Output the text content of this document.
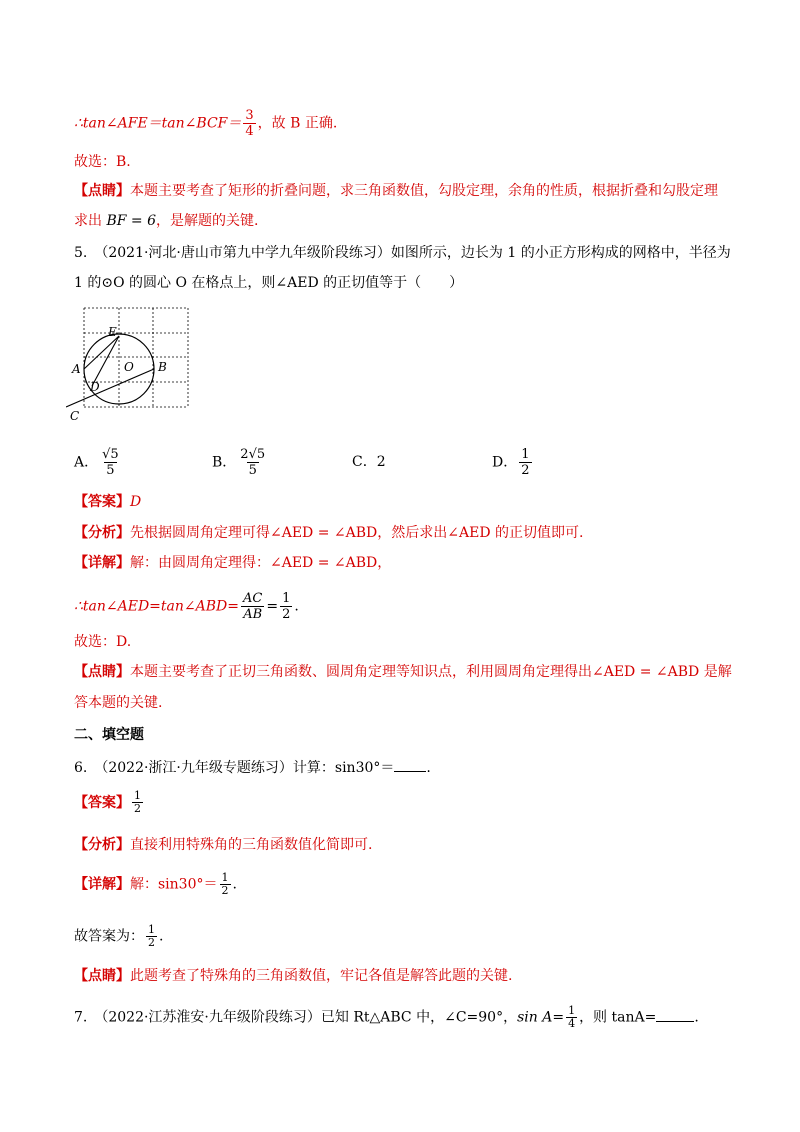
∴tan∠AFE＝tan∠BCF＝ $\frac{3}{4}$ ，故 B 正确.
故选：B.
【点睛】本题主要考查了矩形的折叠问题，求三角函数值，勾股定理，余角的性质，根据折叠和勾股定理
求出 BF = 6，是解题的关键.
5.　（2021·河北·唐山市第九中学九年级阶段练习）如图所示，边长为 1 的小正方形构成的网格中，半径为
1 的⊙O 的圆心 O 在格点上，则∠AED 的正切值等于（　　）
E
A	O B
D
C
A． $\frac{√5}{5}$	B． $\frac{2√5}{5}$	C．2	D． $\frac{1}{2}$
【答案】D
【分析】先根据圆周角定理可得∠AED = ∠ABD，然后求出∠AED 的正切值即可.
【详解】解：由圆周角定理得：∠AED = ∠ABD，
∴tan∠AED=tan∠ABD= $\frac{AC}{AB} = \frac{1}{2}$ .
故选：D.
【点睛】本题主要考查了正切三角函数、圆周角定理等知识点，利用圆周角定理得出∠AED = ∠ABD 是解
答本题的关键.
二、填空题
6.　（2022·浙江·九年级专题练习）计算：sin30°＝ .
【答案】 $\frac{1}{2}$
【分析】直接利用特殊角的三角函数值化简即可.
【详解】解：$\sin 30^\circ= \frac{1}{2}$ .
故答案为： $\frac{1}{2}$ .
【点睛】此题考查了特殊角的三角函数值，牢记各值是解答此题的关键.
7.　（2022·江苏淮安·九年级阶段练习）已知 Rt△ABC 中，∠C=90°，$\sin A= \frac{1}{4}$ ，则 tanA=	.
